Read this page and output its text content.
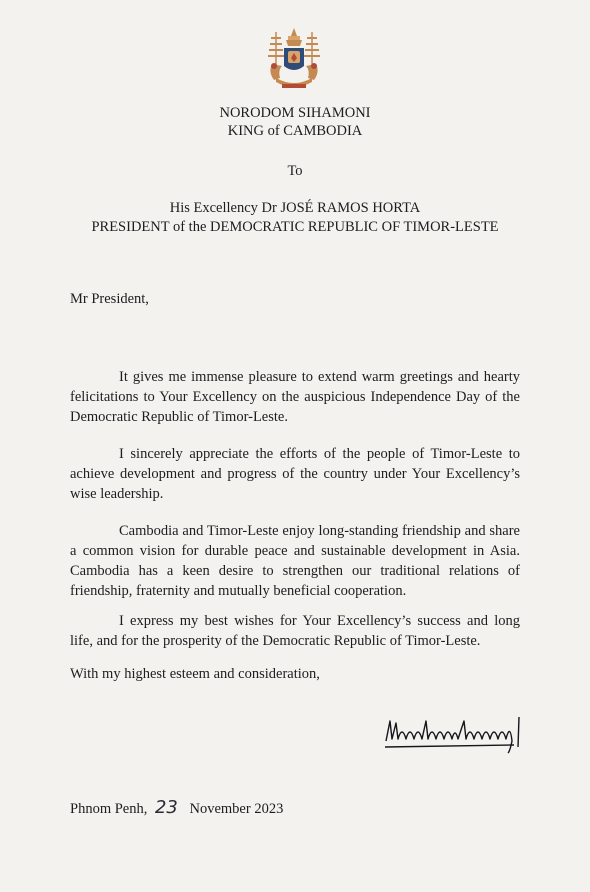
NORODOM SIHAMONI
KING of CAMBODIA
To
His Excellency Dr JOSÉ RAMOS HORTA
PRESIDENT of the DEMOCRATIC REPUBLIC OF TIMOR-LESTE
Mr President,

It gives me immense pleasure to extend warm greetings and hearty felicitations to Your Excellency on the auspicious Independence Day of the Democratic Republic of Timor-Leste.

I sincerely appreciate the efforts of the people of Timor-Leste to achieve development and progress of the country under Your Excellency’s wise leadership.

Cambodia and Timor-Leste enjoy long-standing friendship and share a common vision for durable peace and sustainable development in Asia. Cambodia has a keen desire to strengthen our traditional relations of friendship, fraternity and mutually beneficial cooperation.

I express my best wishes for Your Excellency’s success and long life, and for the prosperity of the Democratic Republic of Timor-Leste.

With my highest esteem and consideration,
Phnom Penh, 23 November 2023
